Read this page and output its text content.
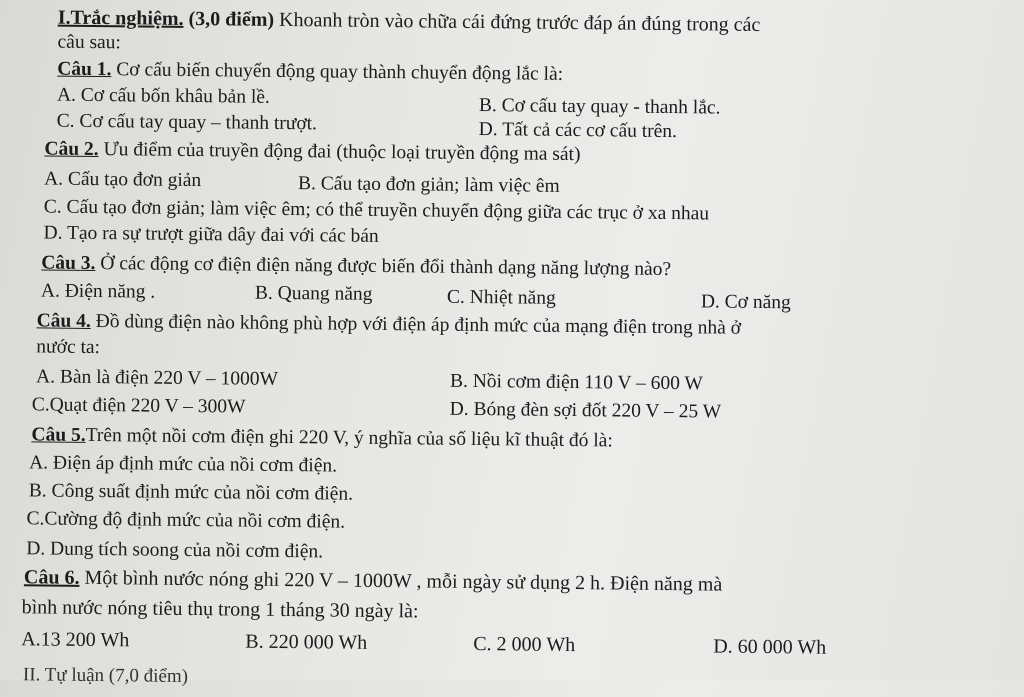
I.Trắc nghiệm. (3,0 điểm) Khoanh tròn vào chữa cái đứng trước đáp án đúng trong các
câu sau:
Câu 1. Cơ cấu biến chuyển động quay thành chuyển động lắc là:
A. Cơ cấu bốn khâu bản lề.	B. Cơ cấu tay quay - thanh lắc.
C. Cơ cấu tay quay – thanh trượt.	D. Tất cả các cơ cấu trên.
Câu 2. Ưu điểm của truyền động đai (thuộc loại truyền động ma sát)
A. Cấu tạo đơn giản	B. Cấu tạo đơn giản; làm việc êm
C. Cấu tạo đơn giản; làm việc êm; có thể truyền chuyển động giữa các trục ở xa nhau
D. Tạo ra sự trượt giữa dây đai với các bán
Câu 3. Ở các động cơ điện điện năng được biến đổi thành dạng năng lượng nào?
A. Điện năng .	B. Quang năng	C. Nhiệt năng	D. Cơ năng
Câu 4. Đồ dùng điện nào không phù hợp với điện áp định mức của mạng điện trong nhà ở
nước ta:
A. Bàn là điện 220 V – 1000W	B. Nồi cơm điện 110 V – 600 W
C.Quạt điện 220 V – 300W	D. Bóng đèn sợi đốt 220 V – 25 W
Câu 5.Trên một nồi cơm điện ghi 220 V, ý nghĩa của số liệu kĩ thuật đó là:
A. Điện áp định mức của nồi cơm điện.
B. Công suất định mức của nồi cơm điện.
C.Cường độ định mức của nồi cơm điện.
D. Dung tích soong của nồi cơm điện.
Câu 6. Một bình nước nóng ghi 220 V – 1000W , mỗi ngày sử dụng 2 h. Điện năng mà
bình nước nóng tiêu thụ trong 1 tháng 30 ngày là:
A.13 200 Wh	B. 220 000 Wh	C. 2 000 Wh	D. 60 000 Wh
II. Tự luận (7,0 điểm)
